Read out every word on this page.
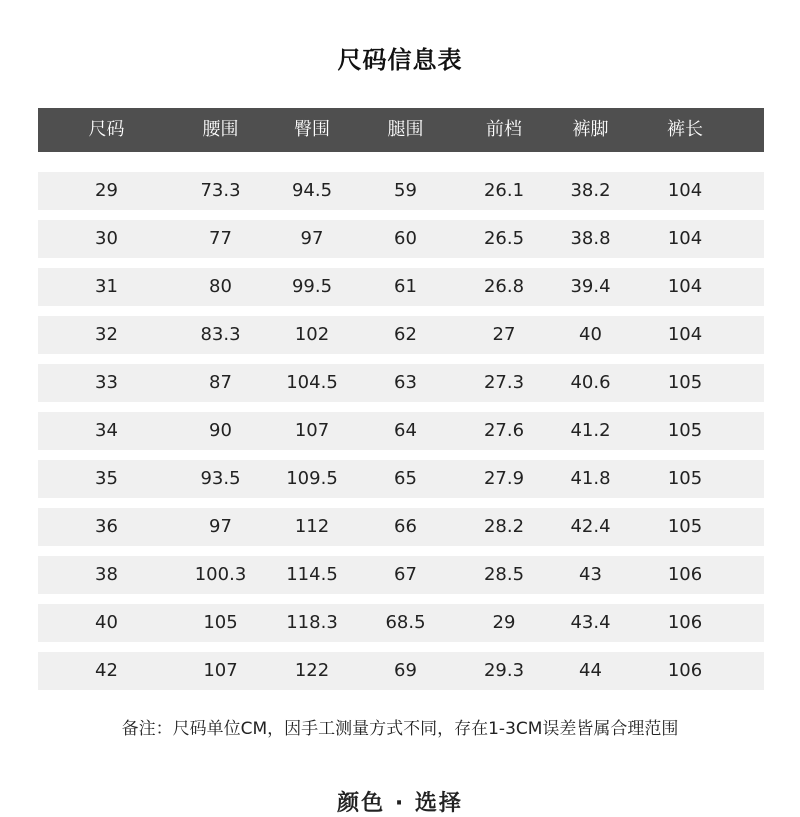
尺码信息表
尺码	腰围	臀围	腿围	前档	裤脚	裤长
29	73.3	94.5	59	26.1	38.2	104
30	77	97	60	26.5	38.8	104
31	80	99.5	61	26.8	39.4	104
32	83.3	102	62	27	40	104
33	87	104.5	63	27.3	40.6	105
34	90	107	64	27.6	41.2	105
35	93.5	109.5	65	27.9	41.8	105
36	97	112	66	28.2	42.4	105
38	100.3	114.5	67	28.5	43	106
40	105	118.3	68.5	29	43.4	106
42	107	122	69	29.3	44	106
备注：尺码单位CM，因手工测量方式不同，存在1-3CM误差皆属合理范围
颜色 · 选择
